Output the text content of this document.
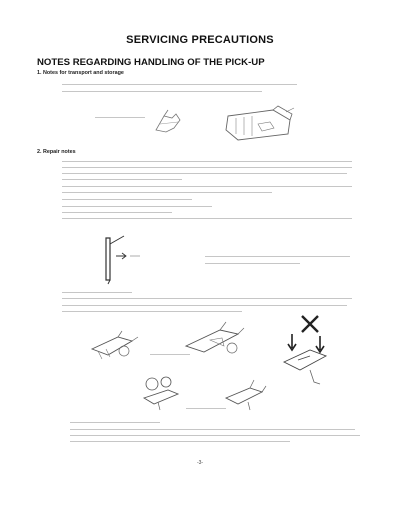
SERVICING PRECAUTIONS
NOTES REGARDING HANDLING OF THE PICK-UP
1. Notes for transport and storage
2. Repair notes
-3-
